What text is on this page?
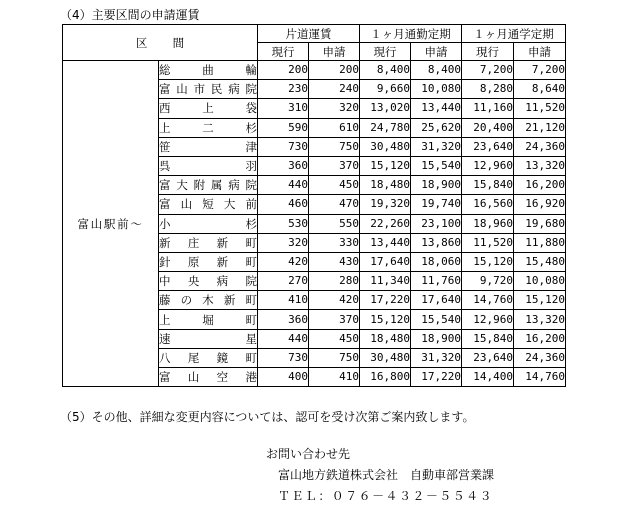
（4）主要区間の申請運賃
区間		片道運賃		１ヶ月通勤定期		１ヶ月通学定期	
		現行	申請	現行	申請	現行	申請
富山駅前～	総曲輪	200	200	8,400	8,400	7,200	7,200
	富山市民病院	230	240	9,660	10,080	8,280	8,640
	西上袋	310	320	13,020	13,440	11,160	11,520
	上二杉	590	610	24,780	25,620	20,400	21,120
	笹津	730	750	30,480	31,320	23,640	24,360
	呉羽	360	370	15,120	15,540	12,960	13,320
	富大附属病院	440	450	18,480	18,900	15,840	16,200
	富山短大前	460	470	19,320	19,740	16,560	16,920
	小杉	530	550	22,260	23,100	18,960	19,680
	新庄新町	320	330	13,440	13,860	11,520	11,880
	針原新町	420	430	17,640	18,060	15,120	15,480
	中央病院	270	280	11,340	11,760	9,720	10,080
	藤の木新町	410	420	17,220	17,640	14,760	15,120
	上堀町	360	370	15,120	15,540	12,960	13,320
	速星	440	450	18,480	18,900	15,840	16,200
	八尾鏡町	730	750	30,480	31,320	23,640	24,360
	富山空港	400	410	16,800	17,220	14,400	14,760
（5）その他、詳細な変更内容については、認可を受け次第ご案内致します。
お問い合わせ先
富山地方鉄道株式会社　自動車部営業課
ＴＥＬ：０７６－４３２－５５４３
